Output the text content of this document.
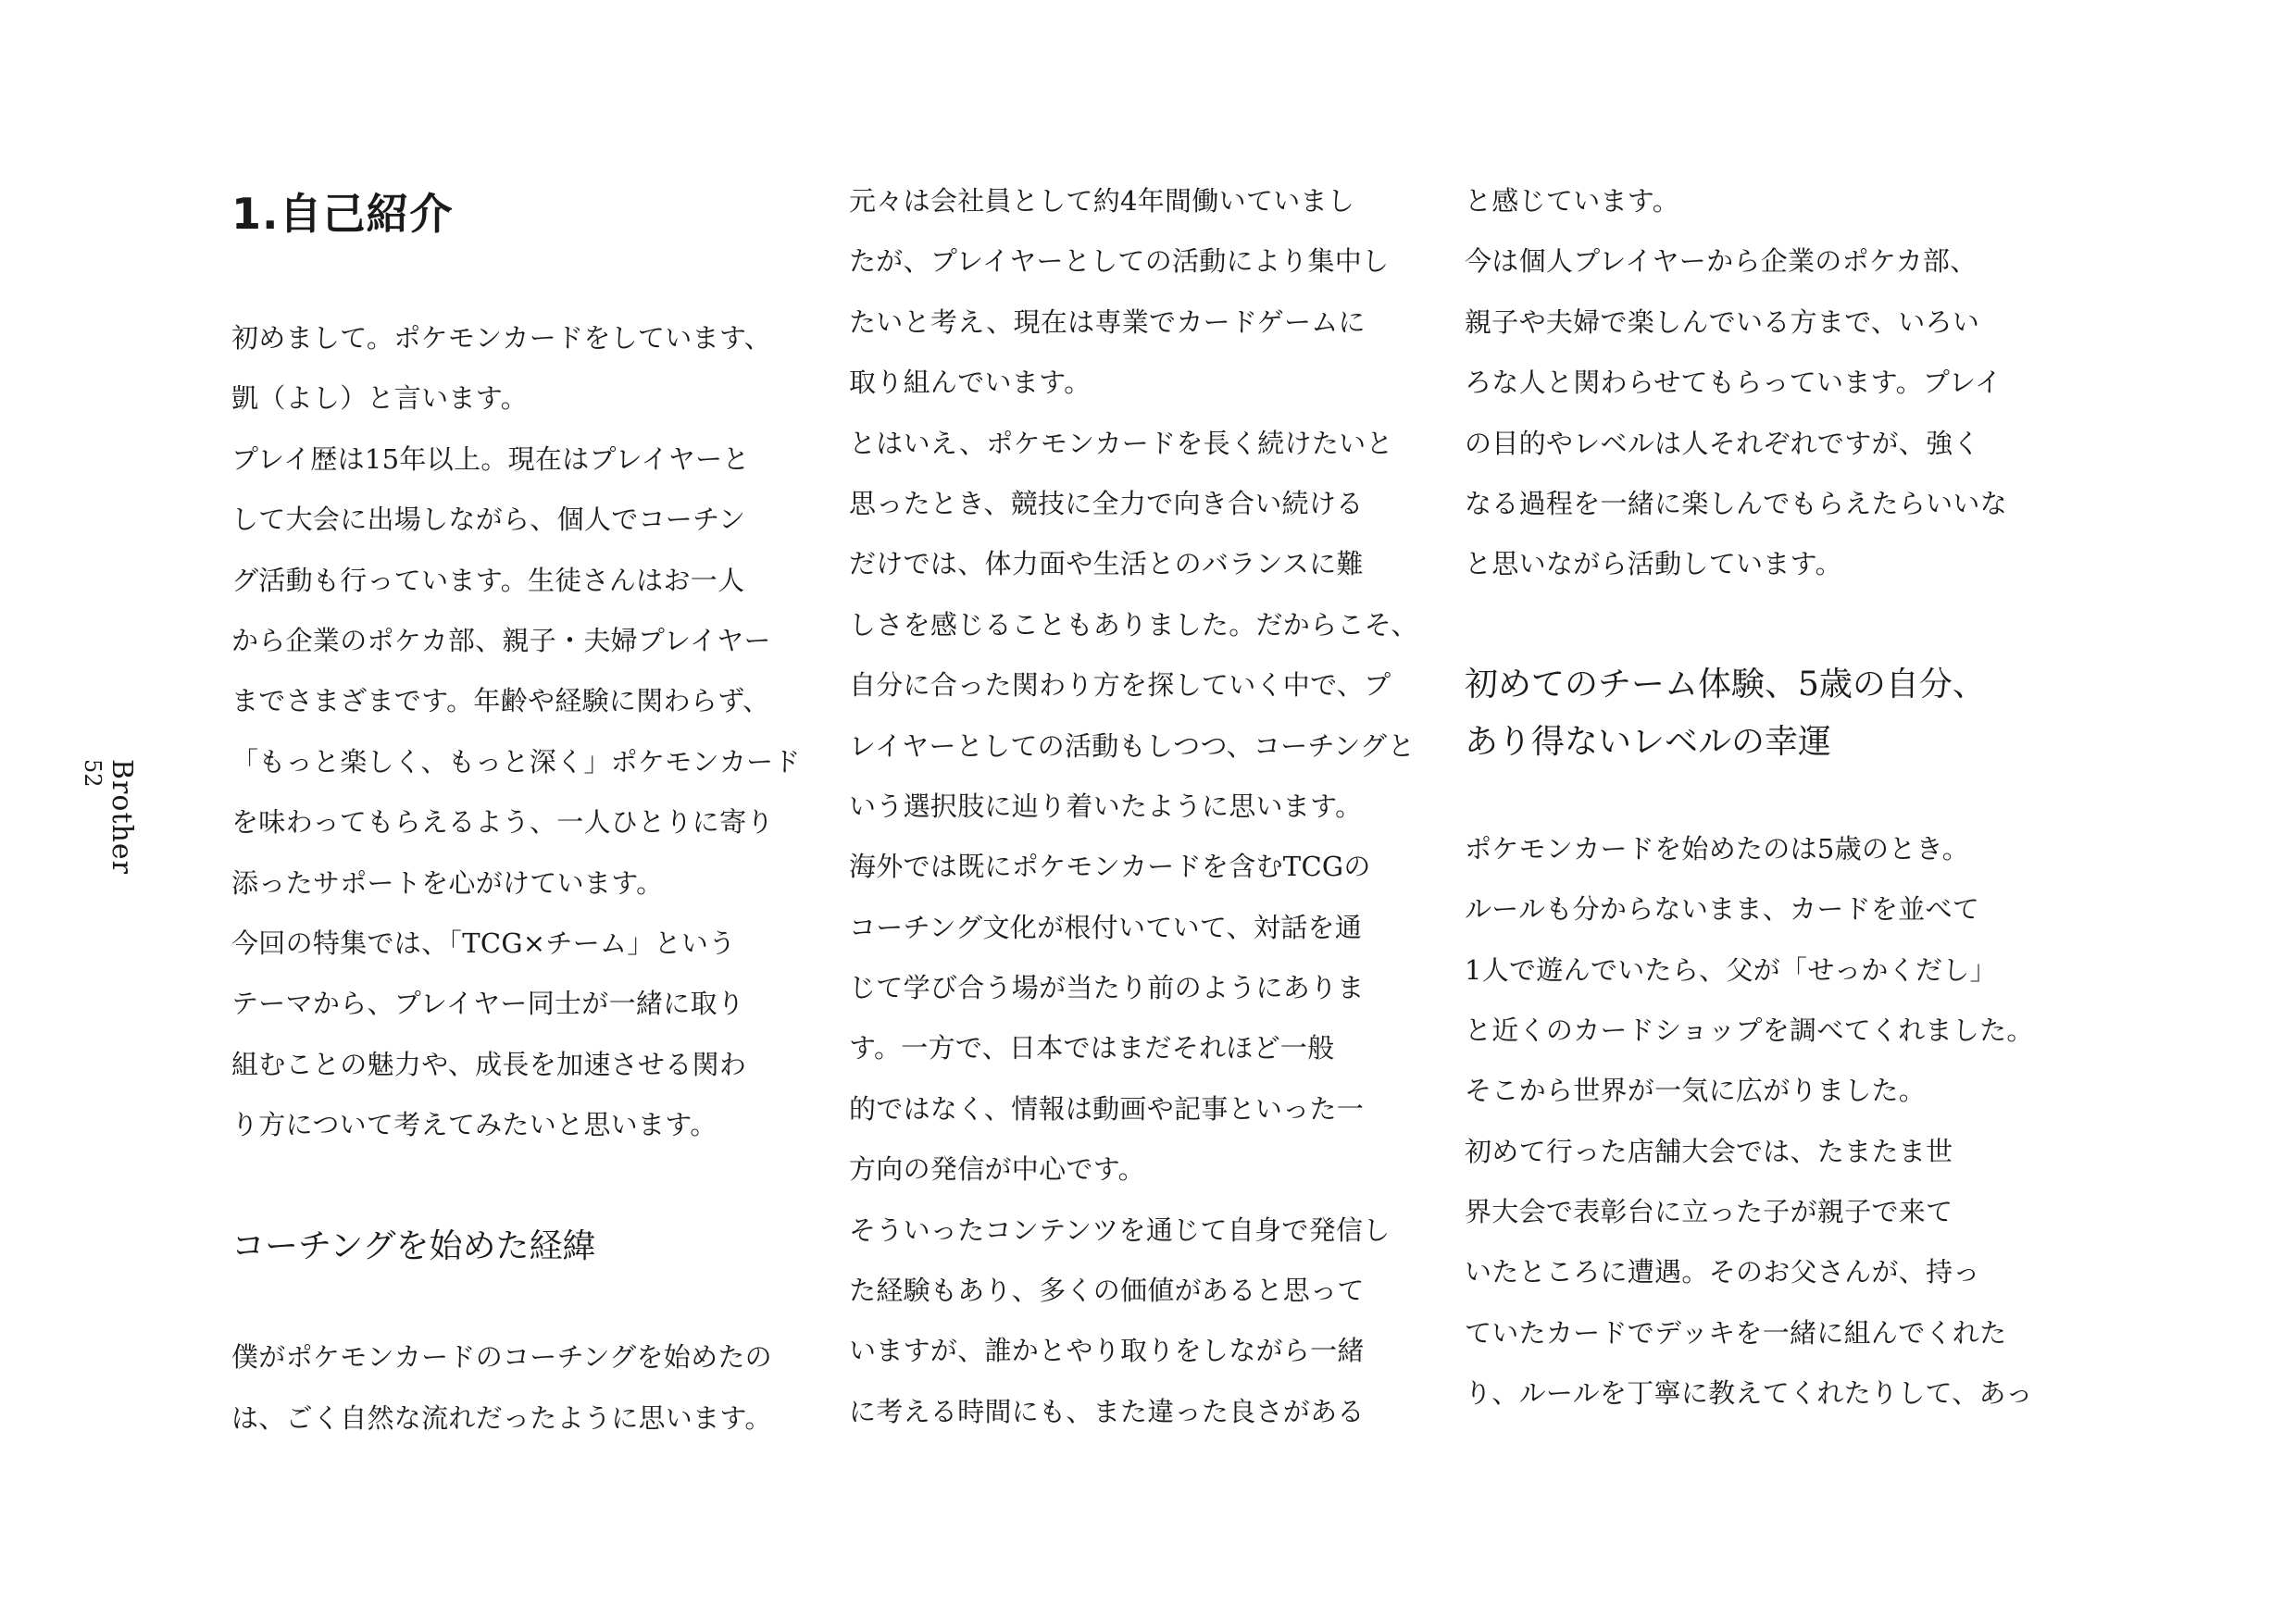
Brother
52
1.自己紹介
初めまして。ポケモンカードをしています、
凱（よし）と言います。
プレイ歴は15年以上。現在はプレイヤーと
して大会に出場しながら、個人でコーチン
グ活動も行っています。生徒さんはお一人
から企業のポケカ部、親子・夫婦プレイヤー
までさまざまです。年齢や経験に関わらず、
「もっと楽しく、もっと深く」ポケモンカード
を味わってもらえるよう、一人ひとりに寄り
添ったサポートを心がけています。
今回の特集では、「TCG×チーム」という
テーマから、プレイヤー同士が一緒に取り
組むことの魅力や、成長を加速させる関わ
り方について考えてみたいと思います。
コーチングを始めた経緯
僕がポケモンカードのコーチングを始めたの
は、ごく自然な流れだったように思います。
元々は会社員として約4年間働いていまし
たが、プレイヤーとしての活動により集中し
たいと考え、現在は専業でカードゲームに
取り組んでいます。
とはいえ、ポケモンカードを長く続けたいと
思ったとき、競技に全力で向き合い続ける
だけでは、体力面や生活とのバランスに難
しさを感じることもありました。だからこそ、
自分に合った関わり方を探していく中で、プ
レイヤーとしての活動もしつつ、コーチングと
いう選択肢に辿り着いたように思います。
海外では既にポケモンカードを含むTCGの
コーチング文化が根付いていて、対話を通
じて学び合う場が当たり前のようにありま
す。一方で、日本ではまだそれほど一般
的ではなく、情報は動画や記事といった一
方向の発信が中心です。
そういったコンテンツを通じて自身で発信し
た経験もあり、多くの価値があると思って
いますが、誰かとやり取りをしながら一緒
に考える時間にも、また違った良さがある
と感じています。
今は個人プレイヤーから企業のポケカ部、
親子や夫婦で楽しんでいる方まで、いろい
ろな人と関わらせてもらっています。プレイ
の目的やレベルは人それぞれですが、強く
なる過程を一緒に楽しんでもらえたらいいな
と思いながら活動しています。
初めてのチーム体験、5歳の自分、
あり得ないレベルの幸運
ポケモンカードを始めたのは5歳のとき。
ルールも分からないまま、カードを並べて
1人で遊んでいたら、父が「せっかくだし」
と近くのカードショップを調べてくれました。
そこから世界が一気に広がりました。
初めて行った店舗大会では、たまたま世
界大会で表彰台に立った子が親子で来て
いたところに遭遇。そのお父さんが、持っ
ていたカードでデッキを一緒に組んでくれた
り、ルールを丁寧に教えてくれたりして、あっ
